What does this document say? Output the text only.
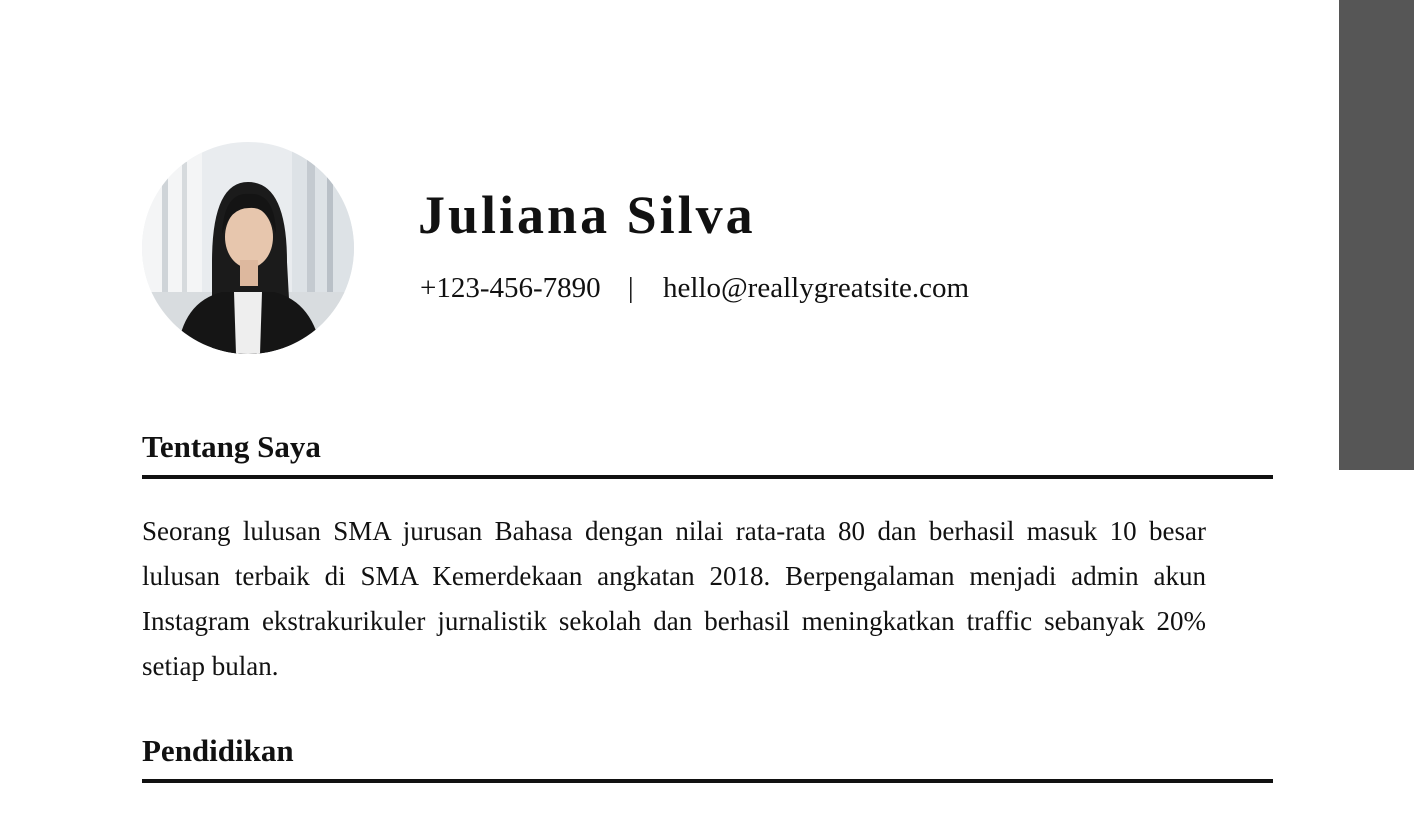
Juliana Silva
+123-456-7890 | hello@reallygreatsite.com
Tentang Saya

Seorang lulusan SMA jurusan Bahasa dengan nilai rata-rata 80 dan berhasil masuk 10 besar lulusan terbaik di SMA Kemerdekaan angkatan 2018. Berpengalaman menjadi admin akun Instagram ekstrakurikuler jurnalistik sekolah dan berhasil meningkatkan traffic sebanyak 20% setiap bulan.

Pendidikan
